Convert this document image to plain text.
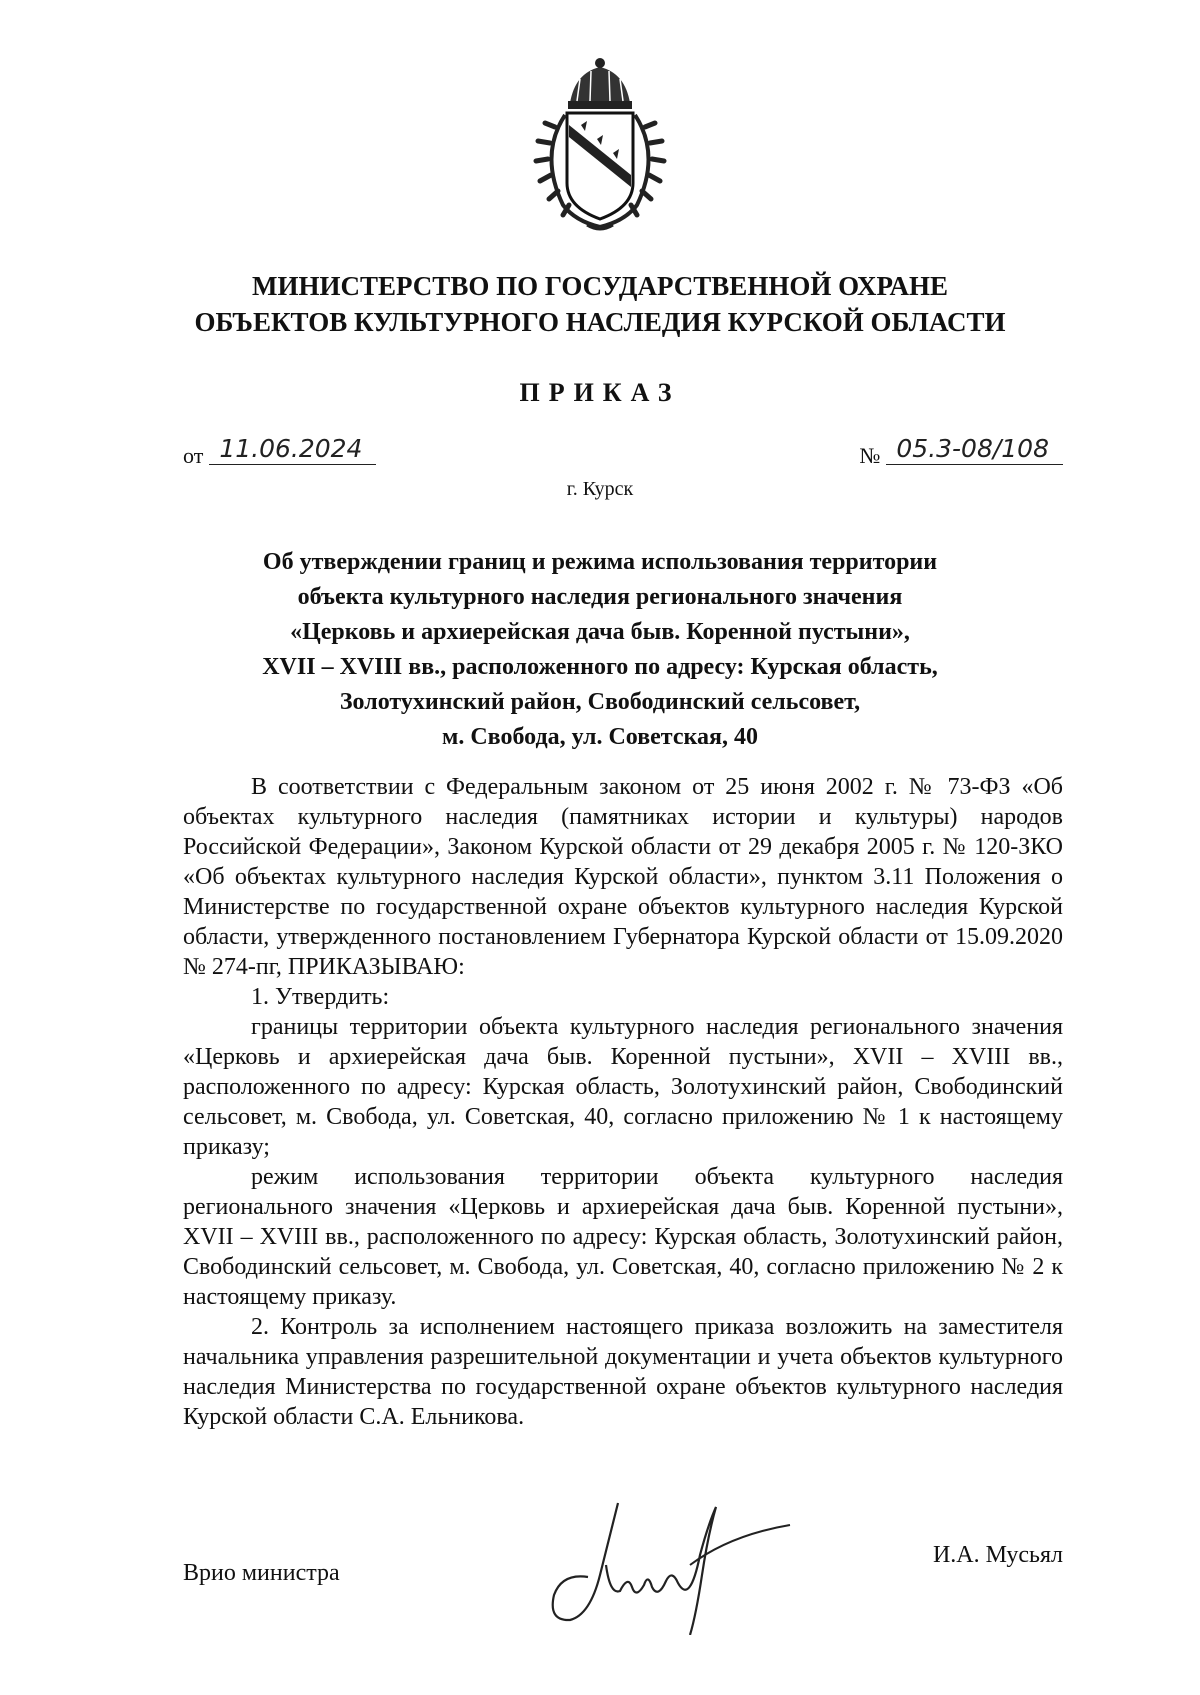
МИНИСТЕРСТВО ПО ГОСУДАРСТВЕННОЙ ОХРАНЕ
ОБЪЕКТОВ КУЛЬТУРНОГО НАСЛЕДИЯ КУРСКОЙ ОБЛАСТИ
ПРИКАЗ
от 11.06.2024	№ 05.3-08/108
г. Курск
Об утверждении границ и режима использования территории
объекта культурного наследия регионального значения
«Церковь и архиерейская дача быв. Коренной пустыни»,
XVII – XVIII вв., расположенного по адресу: Курская область,
Золотухинский район, Свободинский сельсовет,
м. Свобода, ул. Советская, 40

В соответствии с Федеральным законом от 25 июня 2002 г. № 73-ФЗ «Об объектах культурного наследия (памятниках истории и культуры) народов Российской Федерации», Законом Курской области от 29 декабря 2005 г. № 120-ЗКО «Об объектах культурного наследия Курской области», пунктом 3.11 Положения о Министерстве по государственной охране объектов культурного наследия Курской области, утвержденного постановлением Губернатора Курской области от 15.09.2020 № 274-пг, ПРИКАЗЫВАЮ:

1. Утвердить:

границы территории объекта культурного наследия регионального значения «Церковь и архиерейская дача быв. Коренной пустыни», XVII – XVIII вв., расположенного по адресу: Курская область, Золотухинский район, Свободинский сельсовет, м. Свобода, ул. Советская, 40, согласно приложению № 1 к настоящему приказу;

режим использования территории объекта культурного наследия регионального значения «Церковь и архиерейская дача быв. Коренной пустыни», XVII – XVIII вв., расположенного по адресу: Курская область, Золотухинский район, Свободинский сельсовет, м. Свобода, ул. Советская, 40, согласно приложению № 2 к настоящему приказу.

2. Контроль за исполнением настоящего приказа возложить на заместителя начальника управления разрешительной документации и учета объектов культурного наследия Министерства по государственной охране объектов культурного наследия Курской области С.А. Ельникова.

Врио министра
И.А. Мусьял
